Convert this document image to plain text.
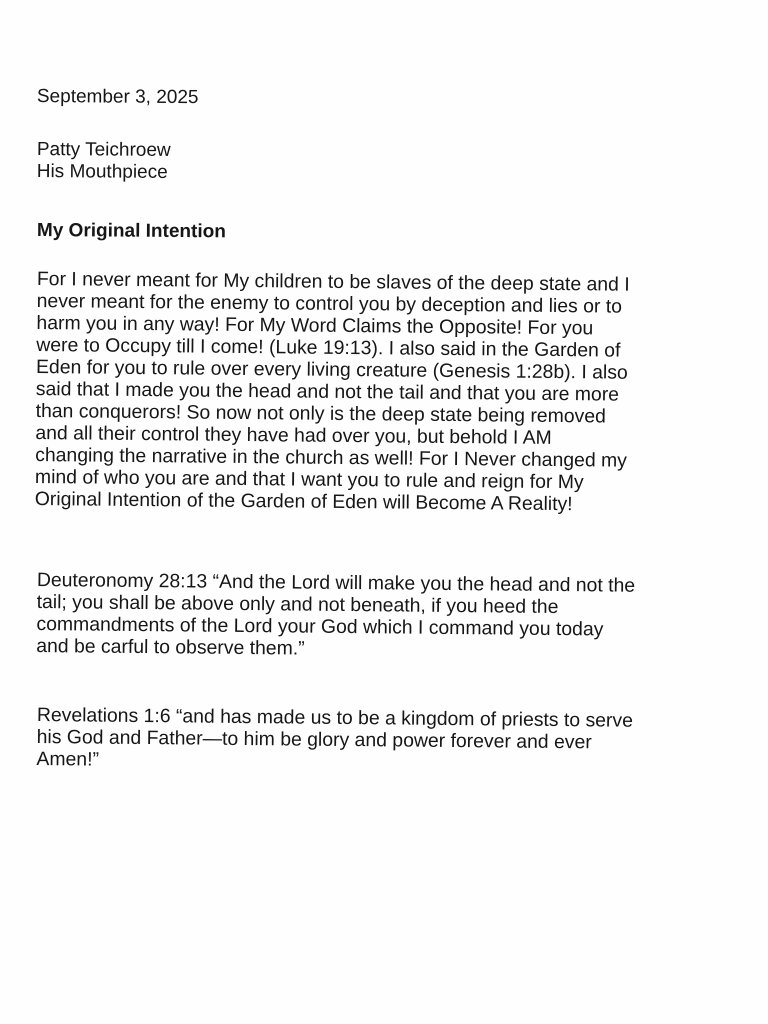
September 3, 2025
Patty Teichroew
His Mouthpiece
My Original Intention
For I never meant for My children to be slaves of the deep state and I
never meant for the enemy to control you by deception and lies or to
harm you in any way! For My Word Claims the Opposite! For you
were to Occupy till I come! (Luke 19:13). I also said in the Garden of
Eden for you to rule over every living creature (Genesis 1:28b). I also
said that I made you the head and not the tail and that you are more
than conquerors! So now not only is the deep state being removed
and all their control they have had over you, but behold I AM
changing the narrative in the church as well! For I Never changed my
mind of who you are and that I want you to rule and reign for My
Original Intention of the Garden of Eden will Become A Reality!
Deuteronomy 28:13 “And the Lord will make you the head and not the
tail; you shall be above only and not beneath, if you heed the
commandments of the Lord your God which I command you today
and be carful to observe them.”
Revelations 1:6 “and has made us to be a kingdom of priests to serve
his God and Father—to him be glory and power forever and ever
Amen!”
